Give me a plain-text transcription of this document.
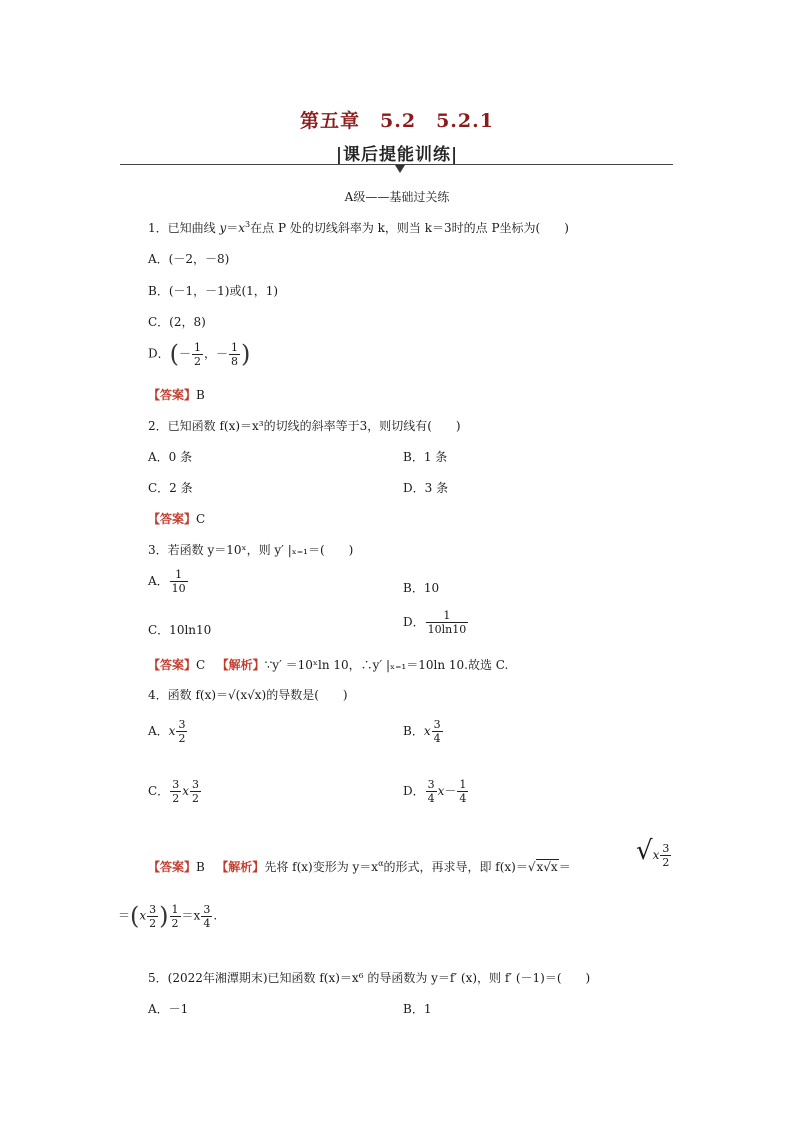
第五章　5.2　5.2.1
|课后提能训练|
A级——基础过关练
1．已知曲线 $y=x^3$在点 P 处的切线斜率为 k，则当 k＝3时的点 P坐标为(　　)
A．(－2，－8)
B．(－1，－1)或(1，1)
C．(2，8)
D．(－ $\frac{1}{2}$ ，－ $\frac{1}{8}$ )
【答案】B
2．已知函数 f(x)＝x³的切线的斜率等于3，则切线有(　　)
A．0 条	B．1 条
C．2 条	D．3 条
【答案】C
3．若函数 y＝10ˣ，则 y′ |ₓ₌₁＝(　　)
A． $\frac{1}{10}$	B．10
C．10ln10
D． $\frac{1}{10\ln 10}$
【答案】C 【解析】∵y′ ＝10ˣln 10，∴y′ |ₓ₌₁＝10ln 10.故选 C.
4．函数 f(x)＝√(x√x)的导数是(　　)
A．x $\frac{3}{2}$	B．x $\frac{3}{4}$
C． $\frac{3}{2}$ x $\frac{3}{2}$	D． $\frac{3}{4} x- \frac{1}{4}$
【答案】B 【解析】先将 f(x)变形为 $y=x^\alpha$的形式，再求导，即 f(x)＝√x√x＝
$√x \frac{3}{2}$
$=(x \frac{3}{2}$ ) $\frac{1}{2} =x \frac{3}{4}$ .
5．(2022年湘潭期末)已知函数 f(x)＝x⁶ 的导函数为 y＝f′ (x)，则 f′ (－1)＝(　　)
A．－1	B．1
